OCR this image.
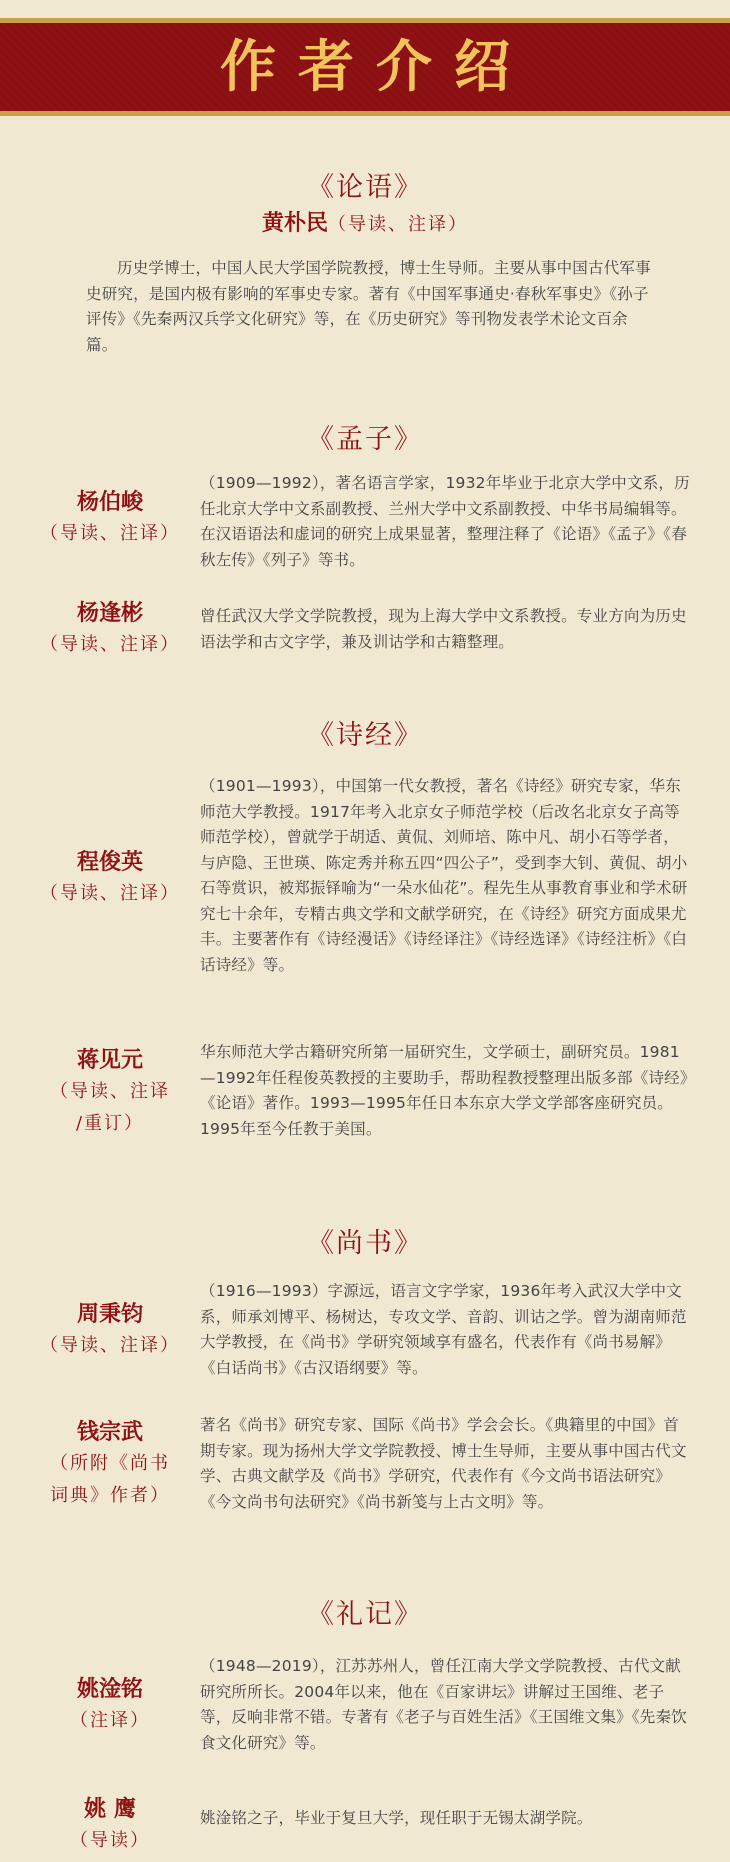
作者介绍
《论语》
黄朴民（导读、注译）
历史学博士，中国人民大学国学院教授，博士生导师。主要从事中国古代军事史研究，是国内极有影响的军事史专家。著有《中国军事通史·春秋军事史》《孙子评传》《先秦两汉兵学文化研究》等，在《历史研究》等刊物发表学术论文百余篇。
《孟子》
杨伯峻
（导读、注译）
（1909—1992），著名语言学家，1932年毕业于北京大学中文系，历任北京大学中文系副教授、兰州大学中文系副教授、中华书局编辑等。在汉语语法和虚词的研究上成果显著，整理注释了《论语》《孟子》《春秋左传》《列子》等书。
杨逢彬
（导读、注译）
曾任武汉大学文学院教授，现为上海大学中文系教授。专业方向为历史语法学和古文字学，兼及训诂学和古籍整理。
《诗经》
程俊英
（导读、注译）
（1901—1993），中国第一代女教授，著名《诗经》研究专家，华东师范大学教授。1917年考入北京女子师范学校（后改名北京女子高等师范学校），曾就学于胡适、黄侃、刘师培、陈中凡、胡小石等学者，与庐隐、王世瑛、陈定秀并称五四“四公子”，受到李大钊、黄侃、胡小石等赏识，被郑振铎喻为“一朵水仙花”。程先生从事教育事业和学术研究七十余年，专精古典文学和文献学研究，在《诗经》研究方面成果尤丰。主要著作有《诗经漫话》《诗经译注》《诗经选译》《诗经注析》《白话诗经》等。
蒋见元
（导读、注译
/重订）
华东师范大学古籍研究所第一届研究生，文学硕士，副研究员。1981—1992年任程俊英教授的主要助手，帮助程教授整理出版多部《诗经》《论语》著作。1993—1995年任日本东京大学文学部客座研究员。1995年至今任教于美国。
《尚书》
周秉钧
（导读、注译）
（1916—1993）字源远，语言文字学家，1936年考入武汉大学中文系，师承刘博平、杨树达，专攻文学、音韵、训诂之学。曾为湖南师范大学教授，在《尚书》学研究领域享有盛名，代表作有《尚书易解》《白话尚书》《古汉语纲要》等。
钱宗武
（所附《尚书
词典》作者）
著名《尚书》研究专家、国际《尚书》学会会长。《典籍里的中国》首期专家。现为扬州大学文学院教授、博士生导师，主要从事中国古代文学、古典文献学及《尚书》学研究，代表作有《今文尚书语法研究》《今文尚书句法研究》《尚书新笺与上古文明》等。
《礼记》
姚淦铭
（注译）
（1948—2019），江苏苏州人，曾任江南大学文学院教授、古代文献研究所所长。2004年以来，他在《百家讲坛》讲解过王国维、老子等，反响非常不错。专著有《老子与百姓生活》《王国维文集》《先秦饮食文化研究》等。
姚 鹰
（导读）
姚淦铭之子，毕业于复旦大学，现任职于无锡太湖学院。
